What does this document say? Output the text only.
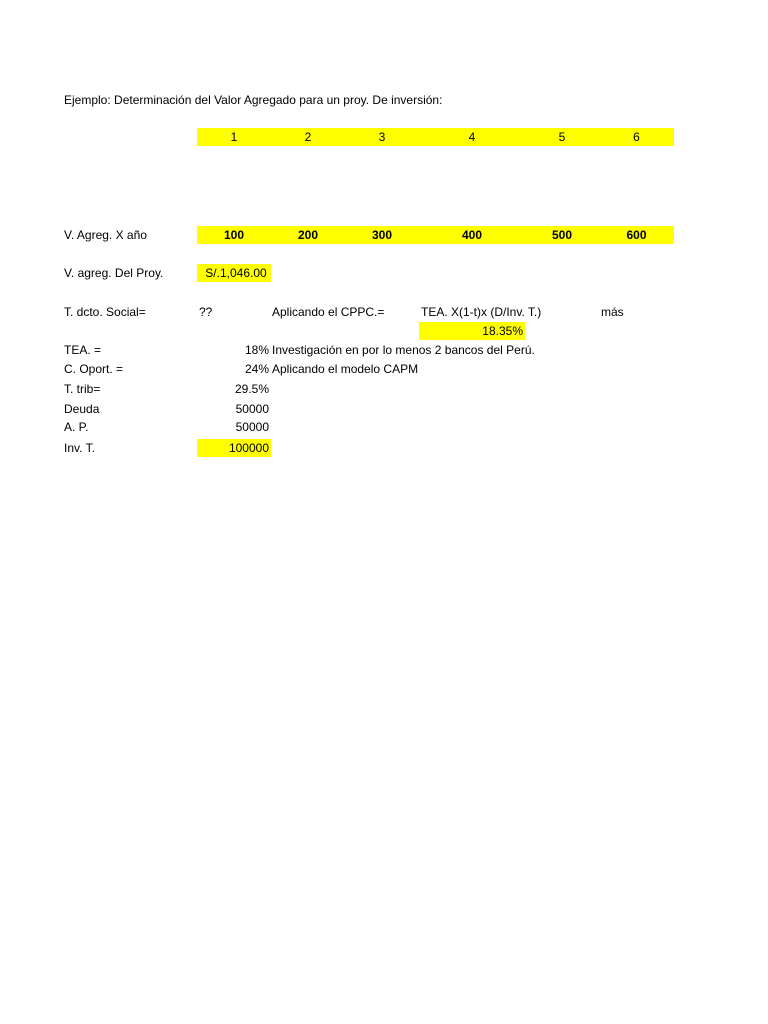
Ejemplo: Determinación del Valor Agregado para un proy. De inversión:
1	2	3	4	5	6
V. Agreg. X año	100	200	300	400	500	600
V. agreg. Del Proy.	S/.1,046.00
T. dcto. Social=	??	Aplicando el CPPC.=	TEA. X(1-t)x (D/Inv. T.)	más
18.35%
TEA. =	18% Investigación en por lo menos 2 bancos del Perú.
C. Oport. =	24% Aplicando el modelo CAPM
T. trib=	29.5%
Deuda	50000
A. P.	50000
Inv. T.	100000
